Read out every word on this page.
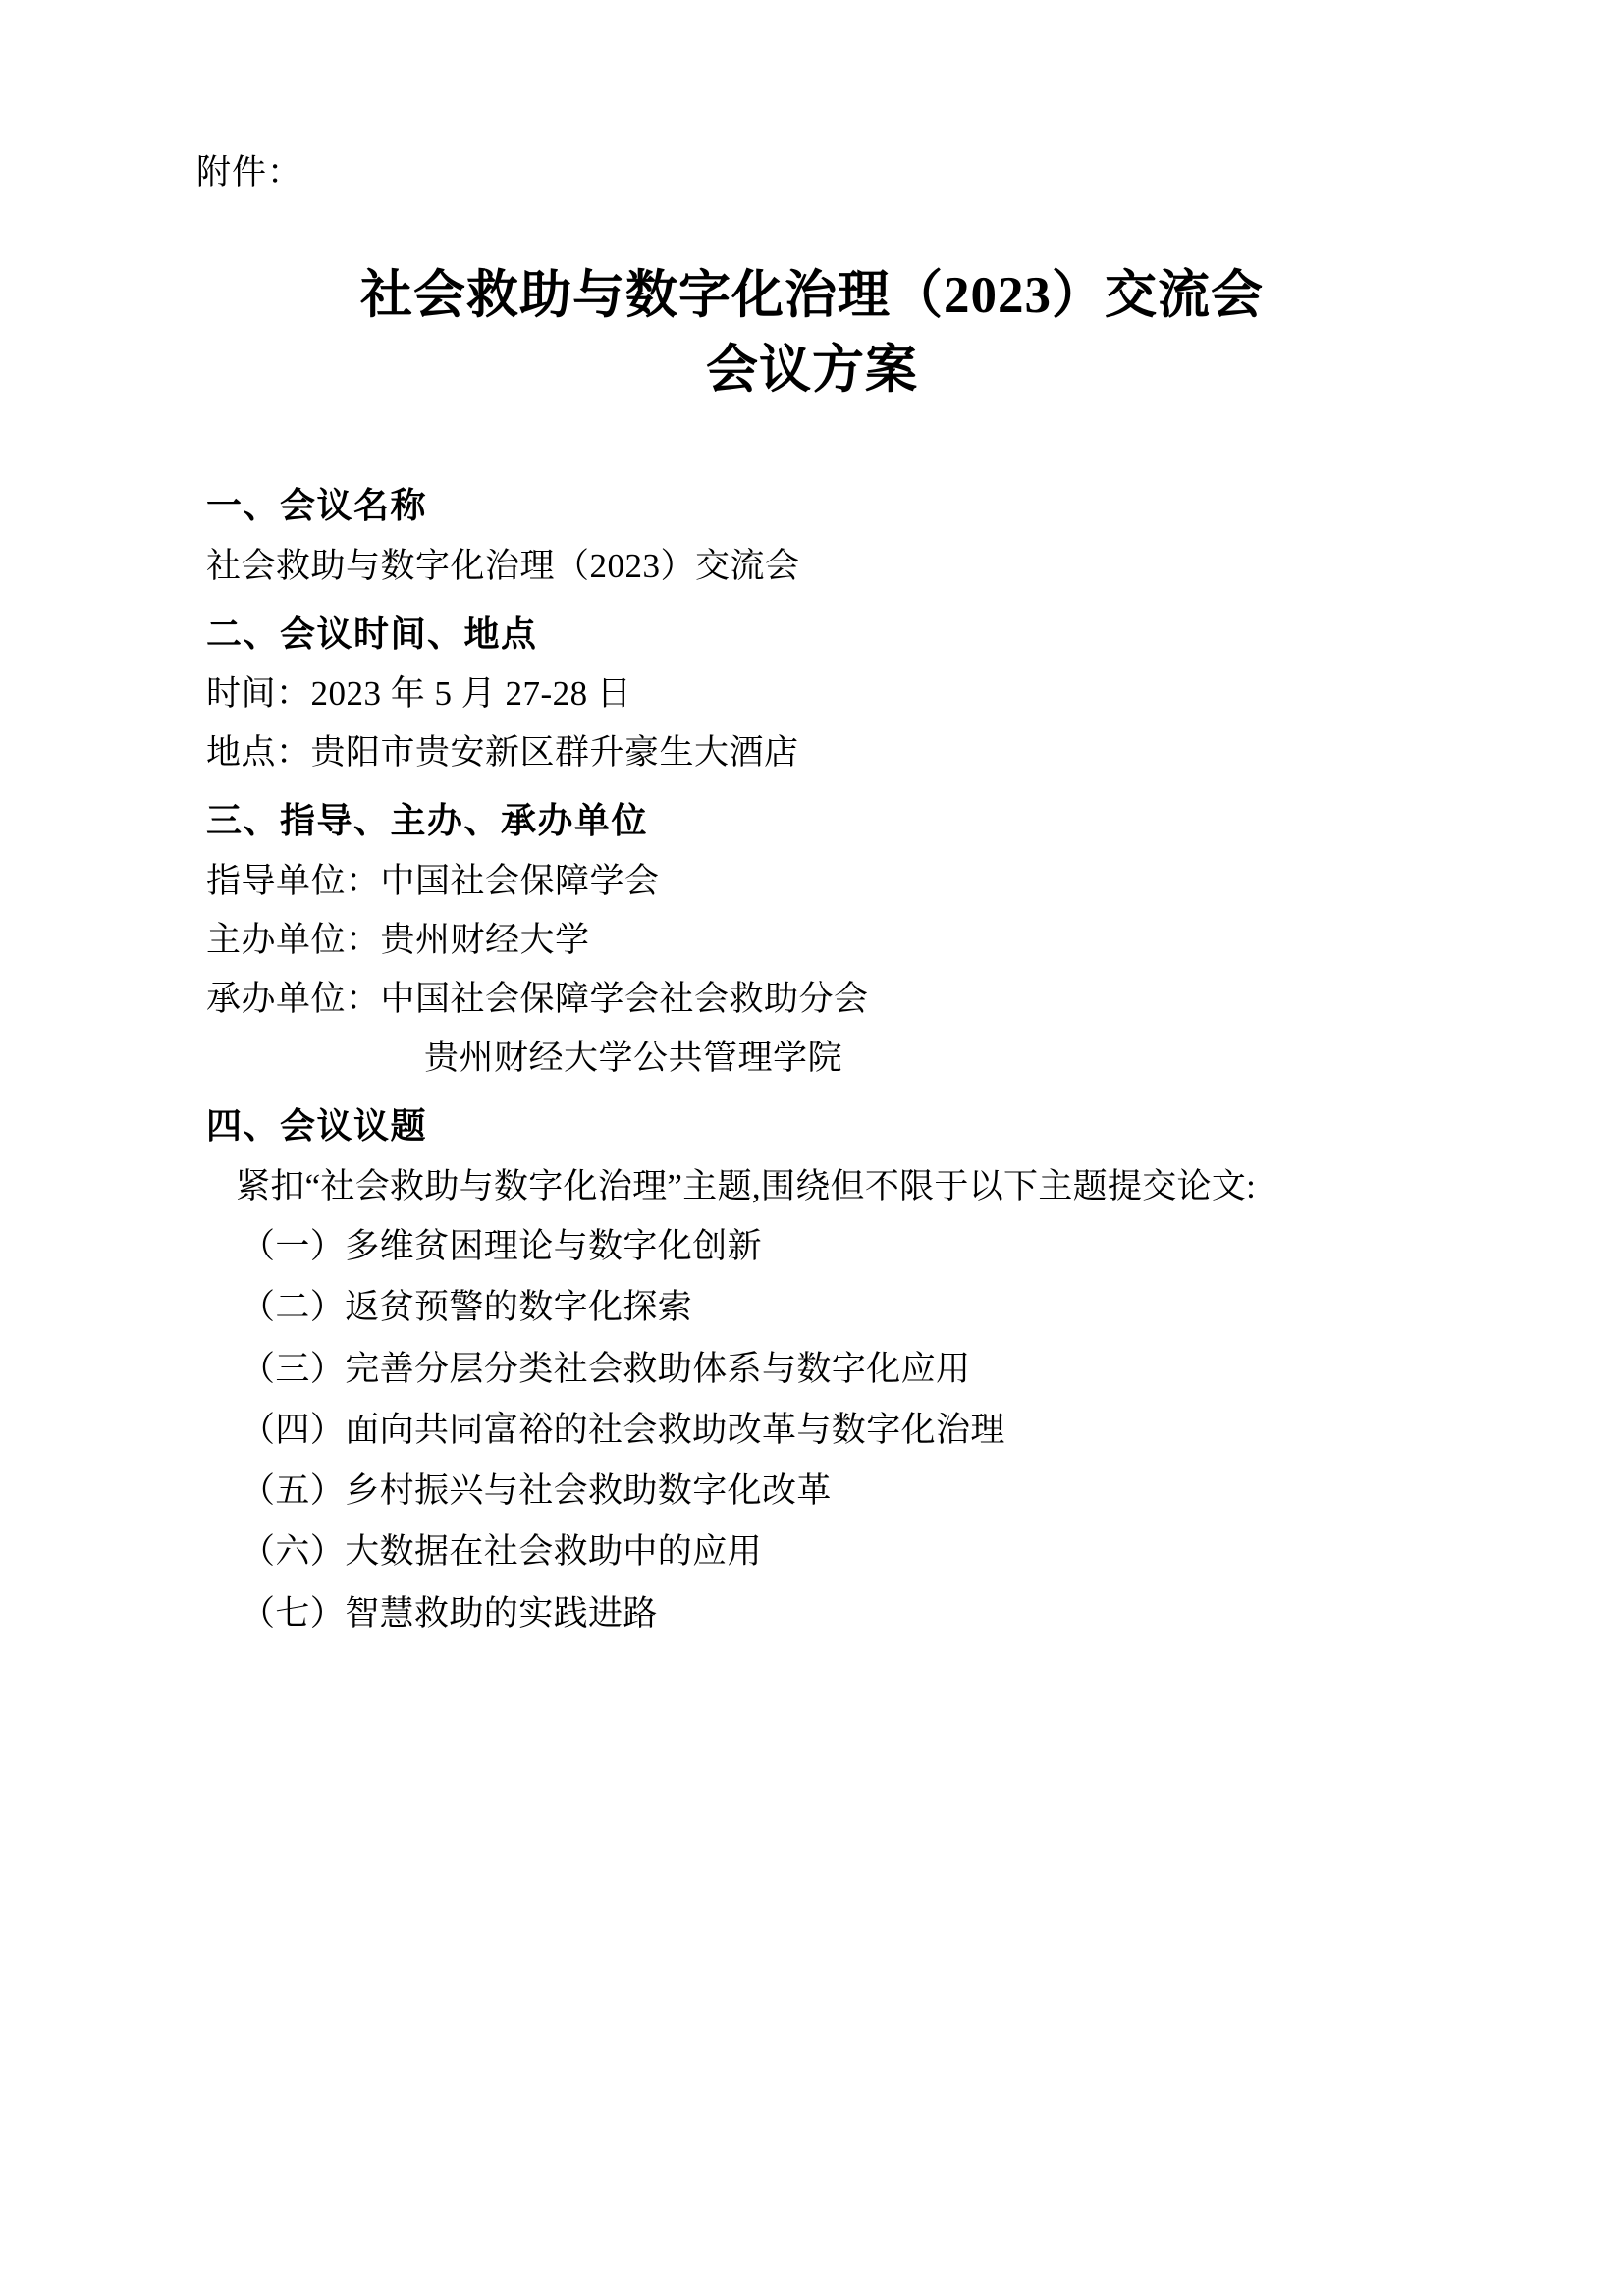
附件：
社会救助与数字化治理（2023）交流会
会议方案
一、会议名称
社会救助与数字化治理（2023）交流会
二、会议时间、地点
时间：2023 年 5 月 27-28 日
地点：贵阳市贵安新区群升豪生大酒店
三、指导、主办、承办单位
指导单位：中国社会保障学会
主办单位：贵州财经大学
承办单位：中国社会保障学会社会救助分会
贵州财经大学公共管理学院
四、会议议题
紧扣“社会救助与数字化治理”主题,围绕但不限于以下主题提交论文:
（一）多维贫困理论与数字化创新
（二）返贫预警的数字化探索
（三）完善分层分类社会救助体系与数字化应用
（四）面向共同富裕的社会救助改革与数字化治理
（五）乡村振兴与社会救助数字化改革
（六）大数据在社会救助中的应用
（七）智慧救助的实践进路
